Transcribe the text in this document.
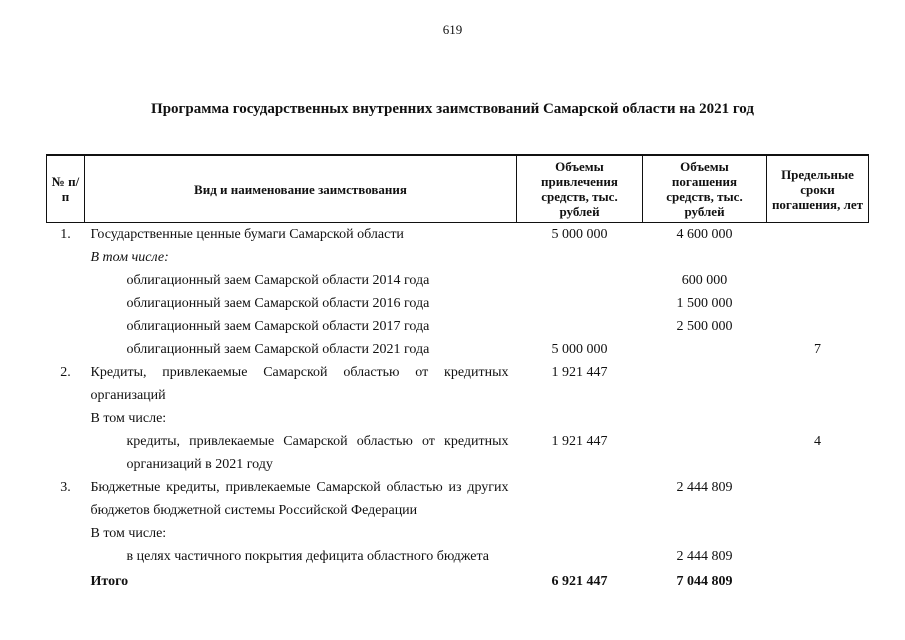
619
Программа государственных внутренних заимствований Самарской области на 2021 год
№ п/п	Вид и наименование заимствования	Объемы привлечения средств, тыс. рублей	Объемы погашения средств, тыс. рублей	Предельные сроки погашения, лет
1.	Государственные ценные бумаги Самарской области	5 000 000	4 600 000	
	В том числе:			
	облигационный заем Самарской области 2014 года		600 000	
	облигационный заем Самарской области 2016 года		1 500 000	
	облигационный заем Самарской области 2017 года		2 500 000	
	облигационный заем Самарской области 2021 года	5 000 000		7
2.	Кредиты, привлекаемые Самарской областью от кредитных организаций	1 921 447		
	В том числе:			
	кредиты, привлекаемые Самарской областью от кредитных организаций в 2021 году	1 921 447		4
3.	Бюджетные кредиты, привлекаемые Самарской областью из других бюджетов бюджетной системы Российской Федерации		2 444 809	
	В том числе:			
	в целях частичного покрытия дефицита областного бюджета		2 444 809	
	Итого	6 921 447	7 044 809	
